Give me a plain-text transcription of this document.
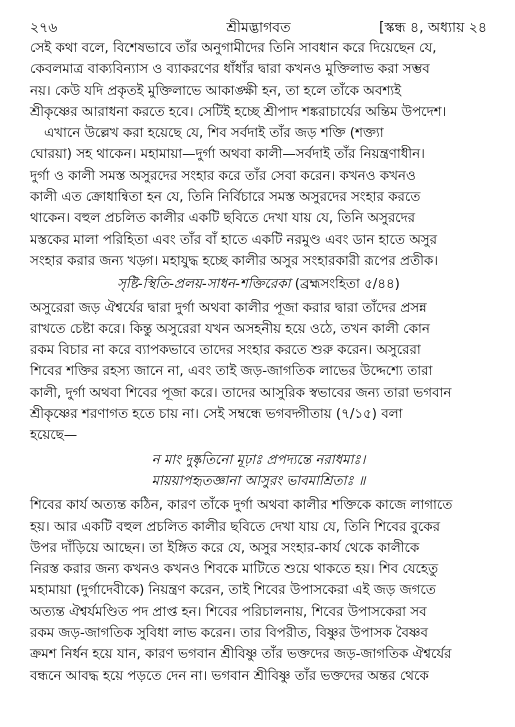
২৭৬	শ্রীমদ্ভাগবত	[স্কন্ধ ৪, অধ্যায় ২৪

সেই কথা বলে, বিশেষভাবে তাঁর অনুগামীদের তিনি সাবধান করে দিয়েছেন যে,

কেবলমাত্র বাক্যবিন্যাস ও ব্যাকরণের ধাঁধাঁর দ্বারা কখনও মুক্তিলাভ করা সম্ভব

নয়। কেউ যদি প্রকৃতই মুক্তিলাভে আকাঙ্ক্ষী হন, তা হলে তাঁকে অবশ্যই

শ্রীকৃষ্ণের আরাধনা করতে হবে। সেটিই হচ্ছে শ্রীপাদ শঙ্করাচার্যের অন্তিম উপদেশ।

এখানে উল্লেখ করা হয়েছে যে, শিব সর্বদাই তাঁর জড় শক্তি (শক্ত্যা

ঘোরয়া) সহ থাকেন। মহামায়া—দুর্গা অথবা কালী—সর্বদাই তাঁর নিয়ন্ত্রণাধীন।

দুর্গা ও কালী সমস্ত অসুরদের সংহার করে তাঁর সেবা করেন। কখনও কখনও

কালী এত ক্রোধান্বিতা হন যে, তিনি নির্বিচারে সমস্ত অসুরদের সংহার করতে

থাকেন। বহুল প্রচলিত কালীর একটি ছবিতে দেখা যায় যে, তিনি অসুরদের

মস্তকের মালা পরিহিতা এবং তাঁর বাঁ হাতে একটি নরমুণ্ড এবং ডান হাতে অসুর

সংহার করার জন্য খড়্গ। মহাযুদ্ধ হচ্ছে কালীর অসুর সংহারকারী রূপের প্রতীক।

সৃষ্টি-স্থিতি-প্রলয়-সাধন-শক্তিরেকা (ব্রহ্মসংহিতা ৫/৪৪)

অসুরেরা জড় ঐশ্বর্যের দ্বারা দুর্গা অথবা কালীর পূজা করার দ্বারা তাঁদের প্রসন্ন

রাখতে চেষ্টা করে। কিন্তু অসুরেরা যখন অসহনীয় হয়ে ওঠে, তখন কালী কোন

রকম বিচার না করে ব্যাপকভাবে তাদের সংহার করতে শুরু করেন। অসুরেরা

শিবের শক্তির রহস্য জানে না, এবং তাই জড়-জাগতিক লাভের উদ্দেশ্যে তারা

কালী, দুর্গা অথবা শিবের পূজা করে। তাদের আসুরিক স্বভাবের জন্য তারা ভগবান

শ্রীকৃষ্ণের শরণাগত হতে চায় না। সেই সম্বন্ধে ভগবদ্গীতায় (৭/১৫) বলা

হয়েছে—

ন মাং দুষ্কৃতিনো মূঢ়াঃ প্রপদ্যন্তে নরাধমাঃ।

মায়য়াপহৃতজ্ঞানা আসুরং ভাবমাশ্রিতাঃ ॥

শিবের কার্য অত্যন্ত কঠিন, কারণ তাঁকে দুর্গা অথবা কালীর শক্তিকে কাজে লাগাতে

হয়। আর একটি বহুল প্রচলিত কালীর ছবিতে দেখা যায় যে, তিনি শিবের বুকের

উপর দাঁড়িয়ে আছেন। তা ইঙ্গিত করে যে, অসুর সংহার-কার্য থেকে কালীকে

নিরস্ত করার জন্য কখনও কখনও শিবকে মাটিতে শুয়ে থাকতে হয়। শিব যেহেতু

মহামায়া (দুর্গাদেবীকে) নিয়ন্ত্রণ করেন, তাই শিবের উপাসকেরা এই জড় জগতে

অত্যন্ত ঐশ্বর্যমণ্ডিত পদ প্রাপ্ত হন। শিবের পরিচালনায়, শিবের উপাসকেরা সব

রকম জড়-জাগতিক সুবিধা লাভ করেন। তার বিপরীত, বিষ্ণুর উপাসক বৈষ্ণব

ক্রমশ নির্ধন হয়ে যান, কারণ ভগবান শ্রীবিষ্ণু তাঁর ভক্তদের জড়-জাগতিক ঐশ্বর্যের

বন্ধনে আবদ্ধ হয়ে পড়তে দেন না। ভগবান শ্রীবিষ্ণু তাঁর ভক্তদের অন্তর থেকে
